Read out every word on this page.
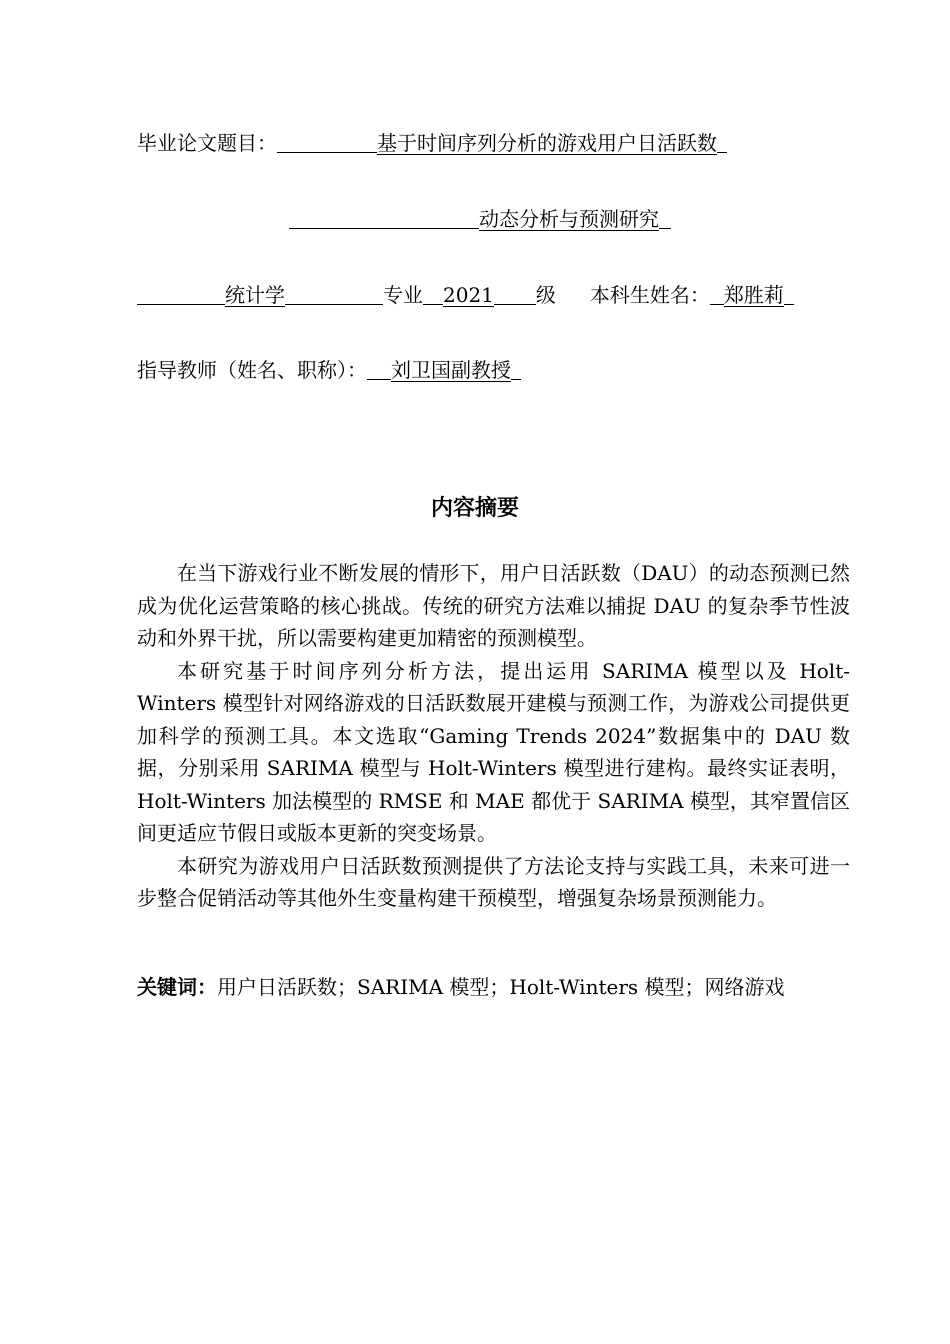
毕业论文题目：	基于时间序列分析的游戏用户日活跃数
动态分析与预测研究
统计学	专业 2021 级 本科生姓名： 郑胜莉
指导教师（姓名、职称）： 刘卫国副教授
内容摘要

在当下游戏行业不断发展的情形下，用户日活跃数（DAU）的动态预测已然成为优化运营策略的核心挑战。传统的研究方法难以捕捉 DAU 的复杂季节性波动和外界干扰，所以需要构建更加精密的预测模型。

本研究基于时间序列分析方法，提出运用 SARIMA 模型以及 Holt-Winters 模型针对网络游戏的日活跃数展开建模与预测工作，为游戏公司提供更加科学的预测工具。本文选取“Gaming Trends 2024”数据集中的 DAU 数据，分别采用 SARIMA 模型与 Holt-Winters 模型进行建构。最终实证表明，Holt-Winters 加法模型的 RMSE 和 MAE 都优于 SARIMA 模型，其窄置信区间更适应节假日或版本更新的突变场景。

本研究为游戏用户日活跃数预测提供了方法论支持与实践工具，未来可进一步整合促销活动等其他外生变量构建干预模型，增强复杂场景预测能力。

关键词：用户日活跃数；SARIMA 模型；Holt-Winters 模型；网络游戏
